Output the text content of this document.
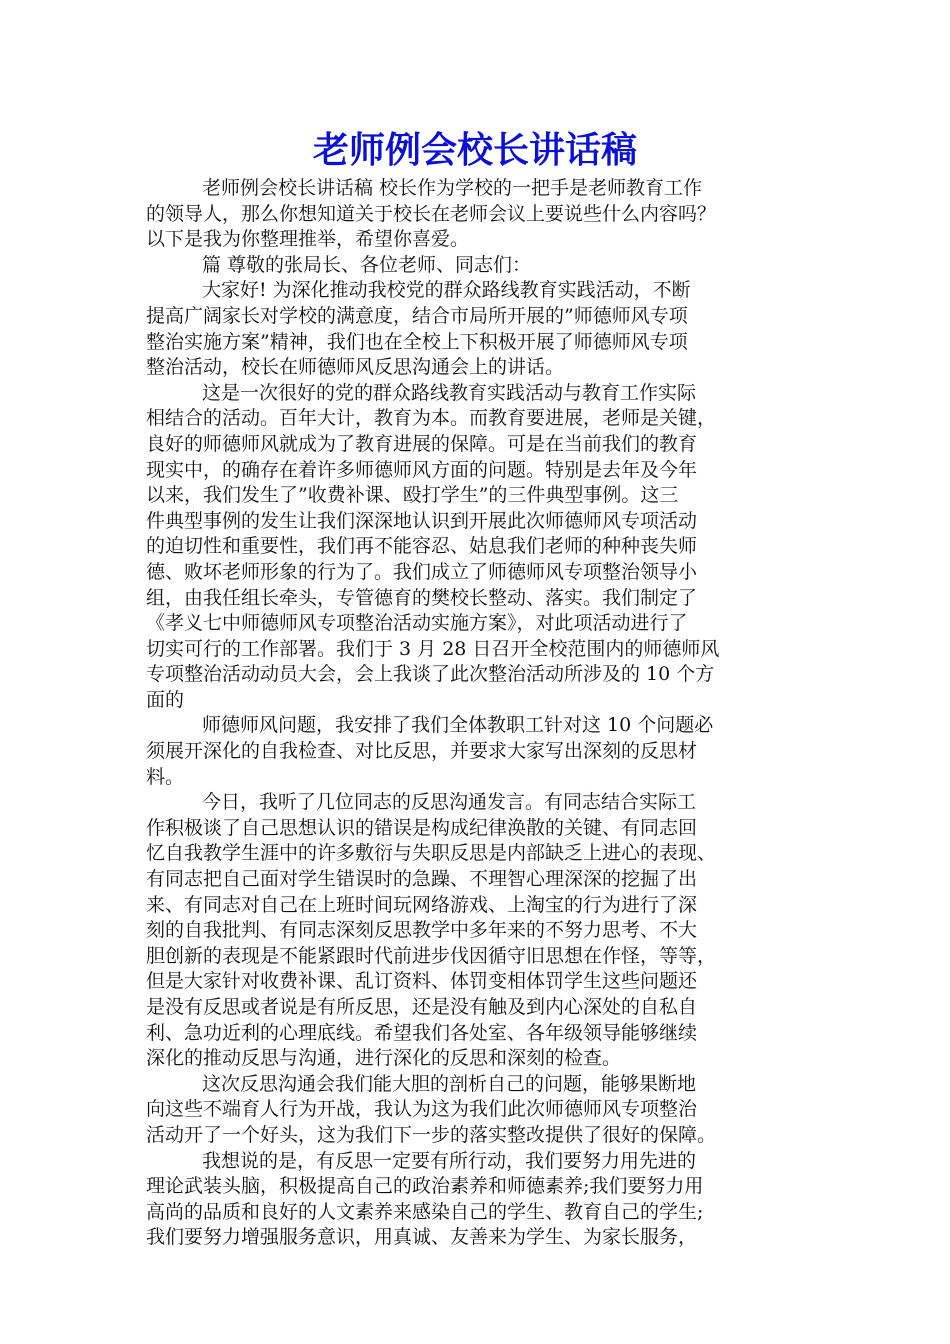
老师例会校长讲话稿

老师例会校长讲话稿 校长作为学校的一把手是老师教育工作
的领导人，那么你想知道关于校长在老师会议上要说些什么内容吗？
以下是我为你整理推举，希望你喜爱。

篇 尊敬的张局长、各位老师、同志们：

大家好! 为深化推动我校党的群众路线教育实践活动，不断
提高广阔家长对学校的满意度，结合市局所开展的”师德师风专项
整治实施方案”精神，我们也在全校上下积极开展了师德师风专项
整治活动，校长在师德师风反思沟通会上的讲话。

这是一次很好的党的群众路线教育实践活动与教育工作实际
相结合的活动。百年大计，教育为本。而教育要进展，老师是关键，
良好的师德师风就成为了教育进展的保障。可是在当前我们的教育
现实中，的确存在着许多师德师风方面的问题。特别是去年及今年
以来，我们发生了”收费补课、殴打学生”的三件典型事例。这三
件典型事例的发生让我们深深地认识到开展此次师德师风专项活动
的迫切性和重要性，我们再不能容忍、姑息我们老师的种种丧失师
德、败坏老师形象的行为了。我们成立了师德师风专项整治领导小
组，由我任组长牵头，专管德育的樊校长整动、落实。我们制定了
《孝义七中师德师风专项整治活动实施方案》，对此项活动进行了
切实可行的工作部署。我们于 3 月 28 日召开全校范围内的师德师风
专项整治活动动员大会，会上我谈了此次整治活动所涉及的 10 个方
面的

师德师风问题，我安排了我们全体教职工针对这 10 个问题必
须展开深化的自我检查、对比反思，并要求大家写出深刻的反思材
料。

今日，我听了几位同志的反思沟通发言。有同志结合实际工
作积极谈了自己思想认识的错误是构成纪律涣散的关键、有同志回
忆自我教学生涯中的许多敷衍与失职反思是内部缺乏上进心的表现、
有同志把自己面对学生错误时的急躁、不理智心理深深的挖掘了出
来、有同志对自己在上班时间玩网络游戏、上淘宝的行为进行了深
刻的自我批判、有同志深刻反思教学中多年来的不努力思考、不大
胆创新的表现是不能紧跟时代前进步伐因循守旧思想在作怪，等等，
但是大家针对收费补课、乱订资料、体罚变相体罚学生这些问题还
是没有反思或者说是有所反思，还是没有触及到内心深处的自私自
利、急功近利的心理底线。希望我们各处室、各年级领导能够继续
深化的推动反思与沟通，进行深化的反思和深刻的检查。

这次反思沟通会我们能大胆的剖析自己的问题，能够果断地
向这些不端育人行为开战，我认为这为我们此次师德师风专项整治
活动开了一个好头，这为我们下一步的落实整改提供了很好的保障。

我想说的是，有反思一定要有所行动，我们要努力用先进的
理论武装头脑，积极提高自己的政治素养和师德素养;我们要努力用
高尚的品质和良好的人文素养来感染自己的学生、教育自己的学生;
我们要努力增强服务意识，用真诚、友善来为学生、为家长服务，
